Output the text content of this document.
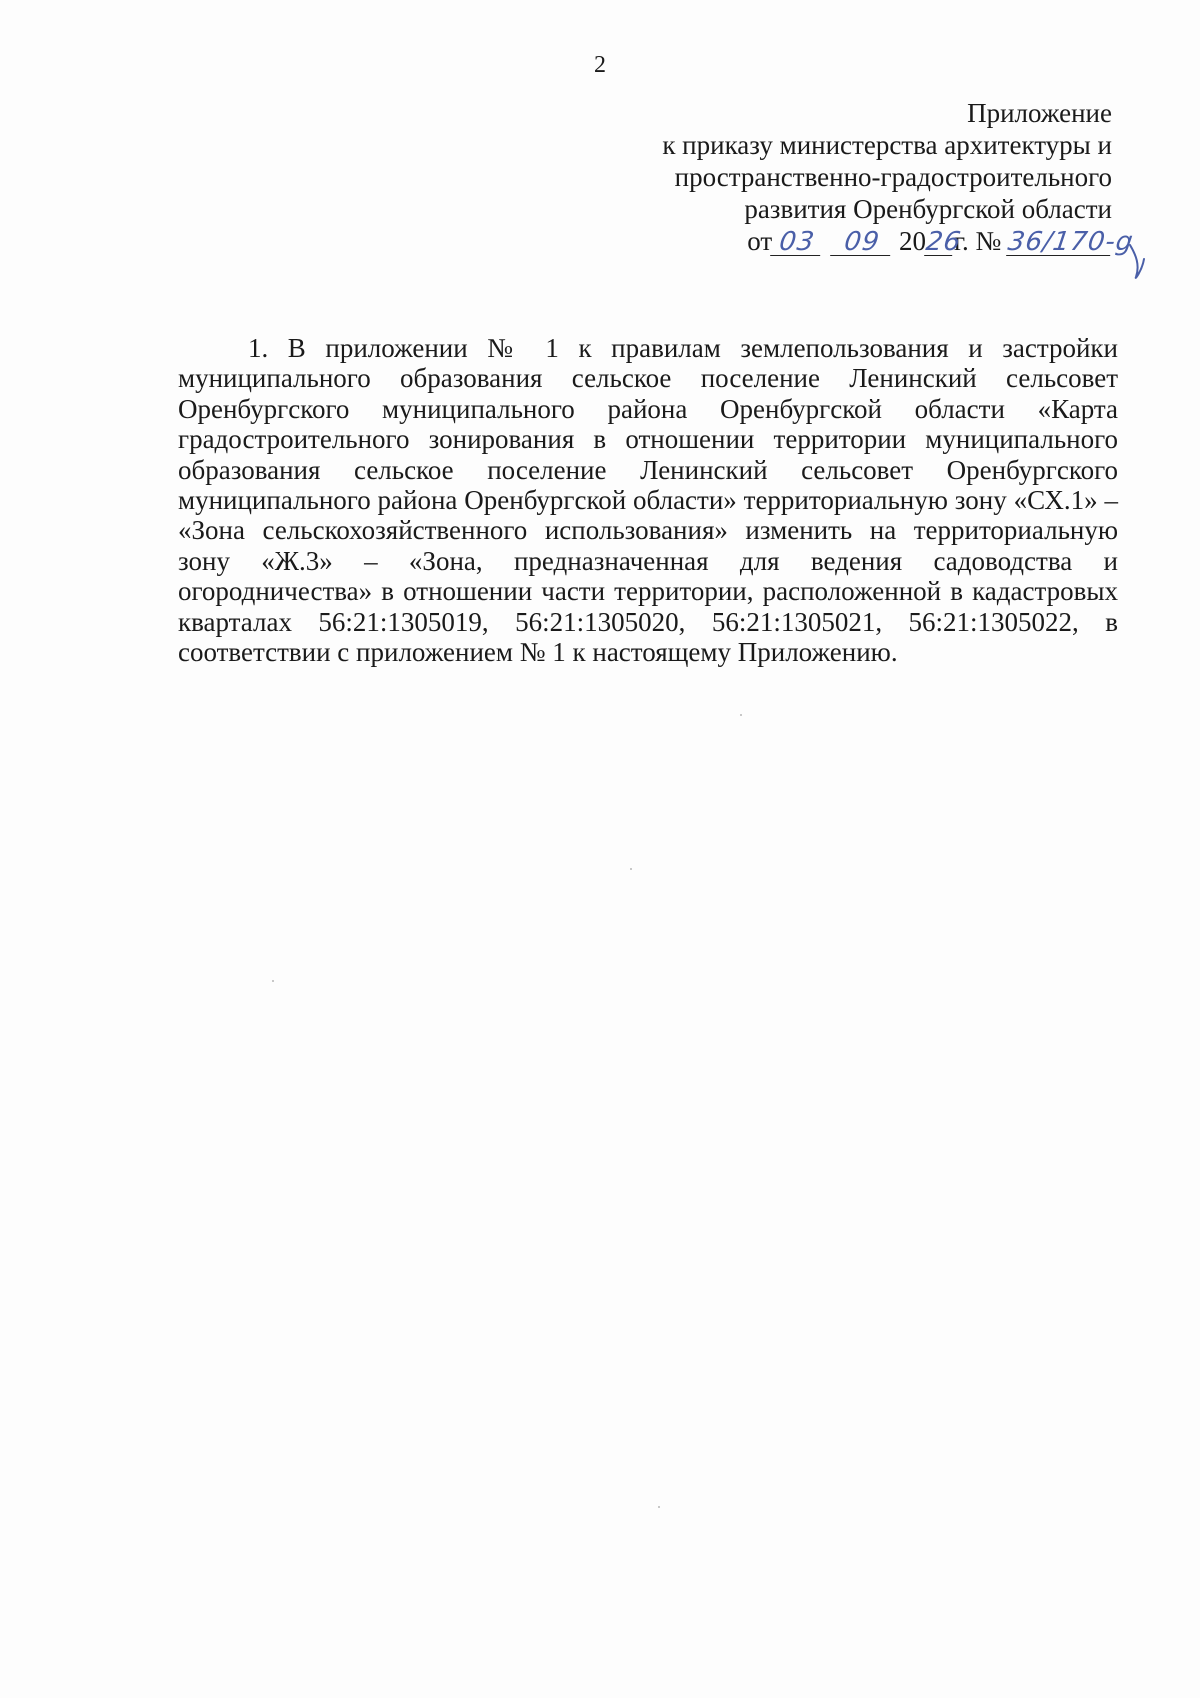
2
Приложение
к приказу министерства архитектуры и
пространственно-градостроительного
развития Оренбургской области
от 03 09 2026г. № 36/170-g

1. В приложении № 1 к правилам землепользования и застройки муниципального образования сельское поселение Ленинский сельсовет Оренбургского муниципального района Оренбургской области «Карта градостроительного зонирования в отношении территории муниципального образования сельское поселение Ленинский сельсовет Оренбургского муниципального района Оренбургской области» территориальную зону «СХ.1» – «Зона сельскохозяйственного использования» изменить на территориальную зону «Ж.3» – «Зона, предназначенная для ведения садоводства и огородничества» в отношении части территории, расположенной в кадастровых кварталах 56:21:1305019, 56:21:1305020, 56:21:1305021, 56:21:1305022, в соответствии с приложением № 1 к настоящему Приложению.
